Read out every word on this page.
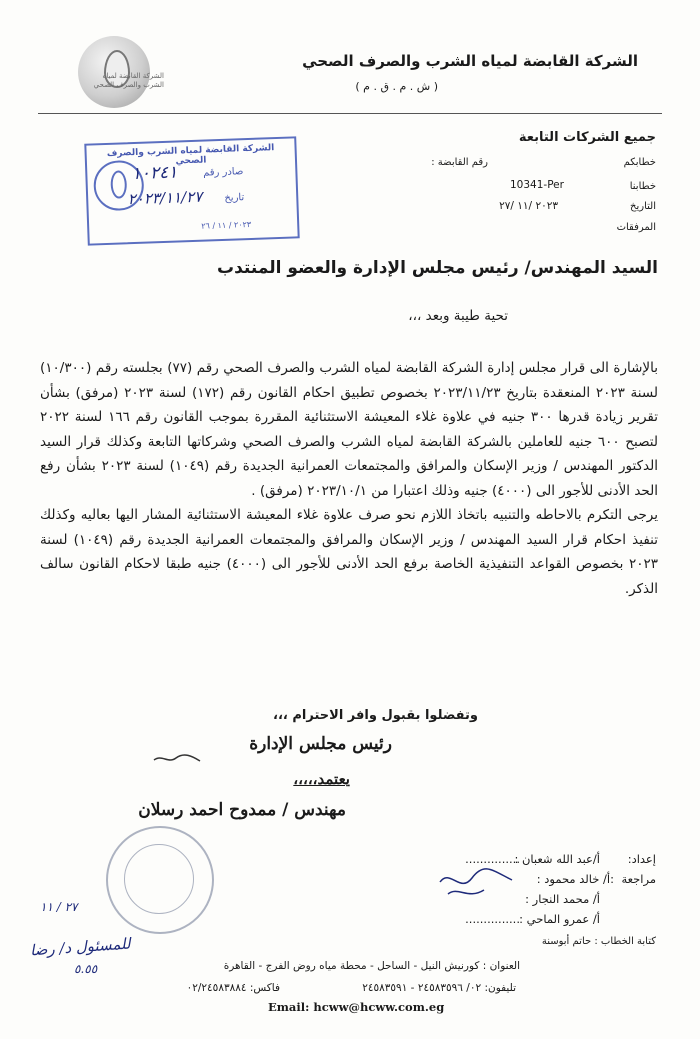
الشركة القابضة لمياه الشرب والصرف الصحي
الشركة القابضة لمياه الشرب والصرف الصحي
( ش . م . ق . م )
جميع الشركات التابعة
خطابكم
رقم القابضة :
خطابنا
10341-Per
التاريخ
٢٠٢٣ /١١ /٢٧
المرفقات
الشركة القابضة لمياه الشرب والصرف الصحي
صادر رقم
١٠٢٤١
تاريخ
٢٠٢٣/١١/٢٧
٢٠٢٣ / ١١ / ٢٦
السيد المهندس/ رئيس مجلس الإدارة والعضو المنتدب
تحية طيبة وبعد ،،،

بالإشارة الى قرار مجلس إدارة الشركة القابضة لمياه الشرب والصرف الصحي رقم (٧٧) بجلسته رقم (١٠/٣٠٠) لسنة ٢٠٢٣ المنعقدة بتاريخ ٢٠٢٣/١١/٢٣ بخصوص تطبيق احكام القانون رقم (١٧٢) لسنة ٢٠٢٣ (مرفق) بشأن تقرير زيادة قدرها ٣٠٠ جنيه في علاوة غلاء المعيشة الاستثنائية المقررة بموجب القانون رقم ١٦٦ لسنة ٢٠٢٢ لتصبح ٦٠٠ جنيه للعاملين بالشركة القابضة لمياه الشرب والصرف الصحي وشركاتها التابعة وكذلك قرار السيد الدكتور المهندس / وزير الإسكان والمرافق والمجتمعات العمرانية الجديدة رقم (١٠٤٩) لسنة ٢٠٢٣ بشأن رفع الحد الأدنى للأجور الى (٤٠٠٠) جنيه وذلك اعتبارا من ٢٠٢٣/١٠/١ (مرفق) .

يرجى التكرم بالاحاطه والتنبيه باتخاذ اللازم نحو صرف علاوة غلاء المعيشة الاستثنائية المشار اليها بعاليه وكذلك تنفيذ احكام قرار السيد المهندس / وزير الإسكان والمرافق والمجتمعات العمرانية الجديدة رقم (١٠٤٩) لسنة ٢٠٢٣ بخصوص القواعد التنفيذية الخاصة برفع الحد الأدنى للأجور الى (٤٠٠٠) جنيه طبقا لاحكام القانون سالف الذكر.

وتفضلوا بقبول وافر الاحترام ،،،
رئيس مجلس الإدارة
يعتمد،،،،،
مهندس / ممدوح احمد رسلان
٢٧ / ١١
للمسئول د/ رضا
٥.٥٥
إعداد:
أ/عبد الله شعبان :
...............
مراجعة
:أ/ خالد محمود :
أ/ محمد النجار :
أ/ عمرو الماحي :
...............
كتابة الخطاب : حاتم أبوسنة
العنوان : كورنيش النيل - الساحل - محطة مياه روض الفرج - القاهرة
تليفون: ٠٢/ ٢٤٥٨٣٥٩٦ - ٢٤٥٨٣٥٩١
فاكس: ٠٢/٢٤٥٨٣٨٨٤
Email: hcww@hcww.com.eg
